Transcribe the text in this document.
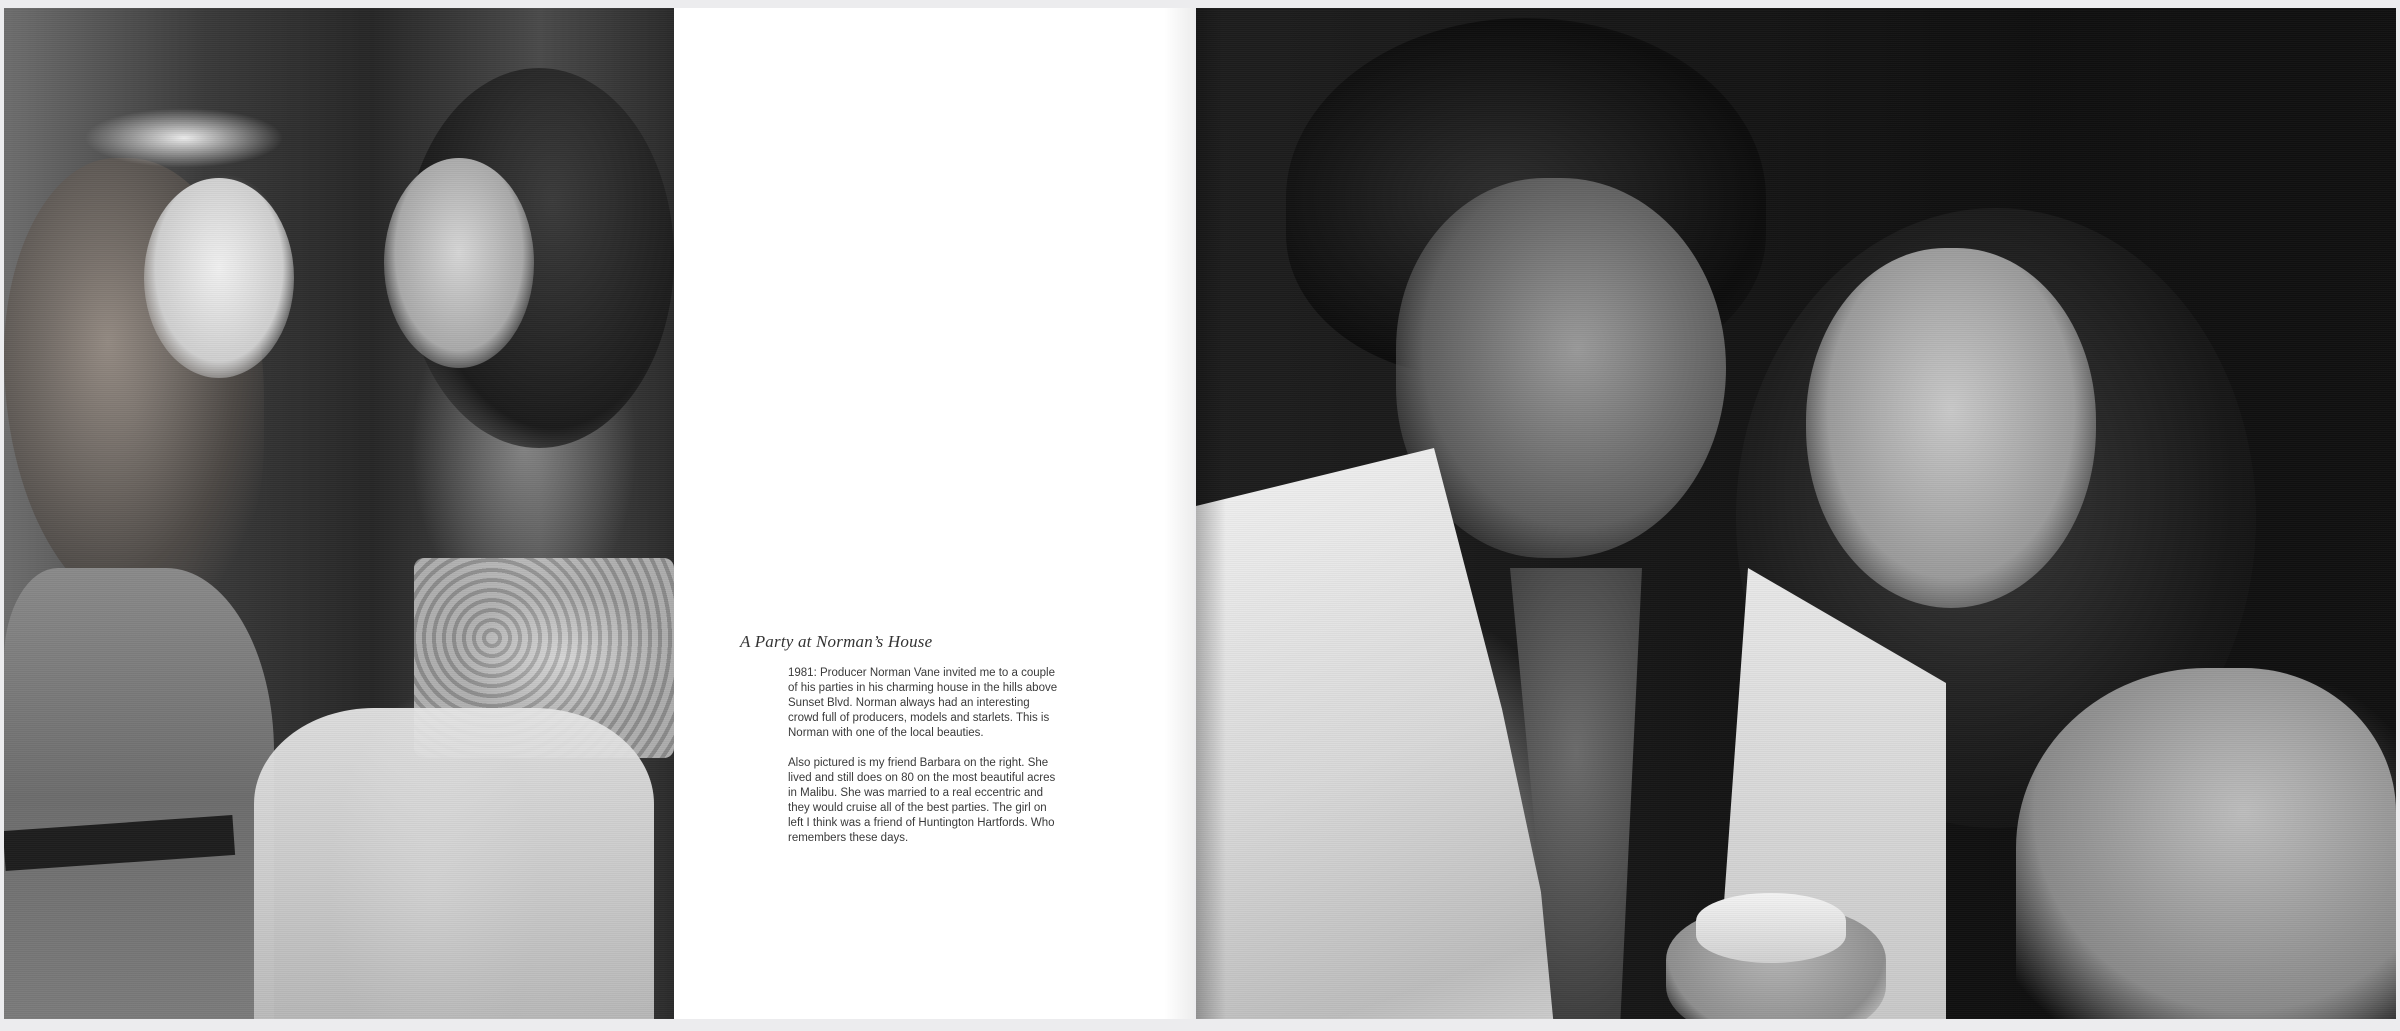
A Party at Norman’s House

1981: Producer Norman Vane invited me to a couple of his parties in his charming house in the hills above Sunset Blvd. Norman always had an interesting crowd full of producers, models and starlets. This is Norman with one of the local beauties.

Also pictured is my friend Barbara on the right. She lived and still does on 80 on the most beautiful acres in Malibu. She was married to a real eccentric and they would cruise all of the best parties. The girl on left I think was a friend of Huntington Hartfords. Who remembers these days.
